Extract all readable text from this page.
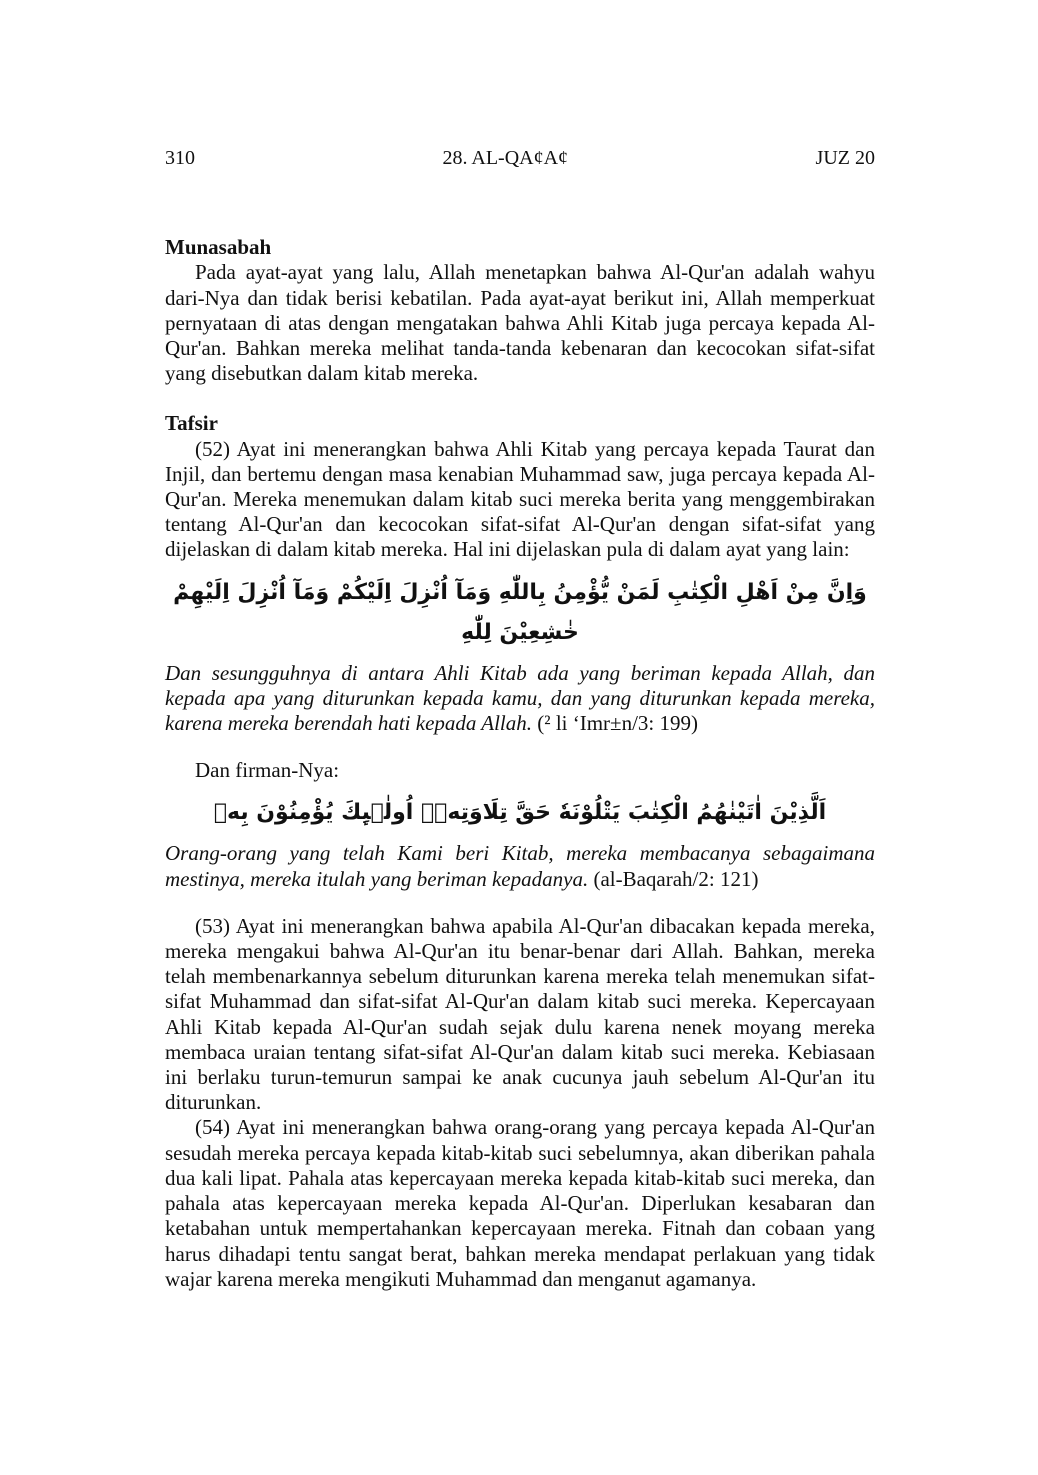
310	28. AL-QA¢A¢	JUZ 20
Munasabah

Pada ayat-ayat yang lalu, Allah menetapkan bahwa Al-Qur'an adalah wahyu dari-Nya dan tidak berisi kebatilan. Pada ayat-ayat berikut ini, Allah memperkuat pernyataan di atas dengan mengatakan bahwa Ahli Kitab juga percaya kepada Al-Qur'an. Bahkan mereka melihat tanda-tanda kebenaran dan kecocokan sifat-sifat yang disebutkan dalam kitab mereka.

Tafsir

(52) Ayat ini menerangkan bahwa Ahli Kitab yang percaya kepada Taurat dan Injil, dan bertemu dengan masa kenabian Muhammad saw, juga percaya kepada Al-Qur'an. Mereka menemukan dalam kitab suci mereka berita yang menggembirakan tentang Al-Qur'an dan kecocokan sifat-sifat Al-Qur'an dengan sifat-sifat yang dijelaskan di dalam kitab mereka. Hal ini dijelaskan pula di dalam ayat yang lain:

وَاِنَّ مِنْ اَهْلِ الْكِتٰبِ لَمَنْ يُّؤْمِنُ بِاللّٰهِ وَمَآ اُنْزِلَ اِلَيْكُمْ وَمَآ اُنْزِلَ اِلَيْهِمْ خٰشِعِيْنَ لِلّٰهِ

Dan sesungguhnya di antara Ahli Kitab ada yang beriman kepada Allah, dan kepada apa yang diturunkan kepada kamu, dan yang diturunkan kepada mereka, karena mereka berendah hati kepada Allah. (² li ‘Imr±n/3: 199)

Dan firman-Nya:

اَلَّذِيْنَ اٰتَيْنٰهُمُ الْكِتٰبَ يَتْلُوْنَهٗ حَقَّ تِلَاوَتِهٖۗ اُولٰۤىِٕكَ يُؤْمِنُوْنَ بِهٖ

Orang-orang yang telah Kami beri Kitab, mereka membacanya sebagaimana mestinya, mereka itulah yang beriman kepadanya. (al-Baqarah/2: 121)

(53) Ayat ini menerangkan bahwa apabila Al-Qur'an dibacakan kepada mereka, mereka mengakui bahwa Al-Qur'an itu benar-benar dari Allah. Bahkan, mereka telah membenarkannya sebelum diturunkan karena mereka telah menemukan sifat-sifat Muhammad dan sifat-sifat Al-Qur'an dalam kitab suci mereka. Kepercayaan Ahli Kitab kepada Al-Qur'an sudah sejak dulu karena nenek moyang mereka membaca uraian tentang sifat-sifat Al-Qur'an dalam kitab suci mereka. Kebiasaan ini berlaku turun-temurun sampai ke anak cucunya jauh sebelum Al-Qur'an itu diturunkan.

(54) Ayat ini menerangkan bahwa orang-orang yang percaya kepada Al-Qur'an sesudah mereka percaya kepada kitab-kitab suci sebelumnya, akan diberikan pahala dua kali lipat. Pahala atas kepercayaan mereka kepada kitab-kitab suci mereka, dan pahala atas kepercayaan mereka kepada Al-Qur'an. Diperlukan kesabaran dan ketabahan untuk mempertahankan kepercayaan mereka. Fitnah dan cobaan yang harus dihadapi tentu sangat berat, bahkan mereka mendapat perlakuan yang tidak wajar karena mereka mengikuti Muhammad dan menganut agamanya.
